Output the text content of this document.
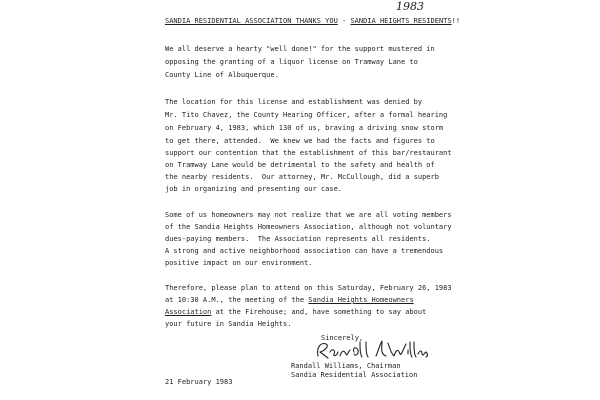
1983
SANDIA RESIDENTIAL ASSOCIATION THANKS YOU - SANDIA HEIGHTS RESIDENTS!!
We all deserve a hearty "well done!" for the support mustered in
opposing the granting of a liquor license on Tramway Lane to
County Line of Albuquerque.
The location for this license and establishment was denied by
Mr. Tito Chavez, the County Hearing Officer, after a formal hearing
on February 4, 1983, which 130 of us, braving a driving snow storm
to get there, attended.  We knew we had the facts and figures to
support our contention that the establishment of this bar/restaurant
on Tramway Lane would be detrimental to the safety and health of
the nearby residents.  Our attorney, Mr. McCullough, did a superb
job in organizing and presenting our case.
Some of us homeowners may not realize that we are all voting members
of the Sandia Heights Homeowners Association, although not voluntary
dues-paying members.  The Association represents all residents.
A strong and active neighborhood association can have a tremendous
positive impact on our environment.
Therefore, please plan to attend on this Saturday, February 26, 1983
at 10:30 A.M., the meeting of the Sandia Heights Homeowners
Association at the Firehouse; and, have something to say about
your future in Sandia Heights.
Sincerely,
Randall Williams, Chairman
Sandia Residential Association
21 February 1983
